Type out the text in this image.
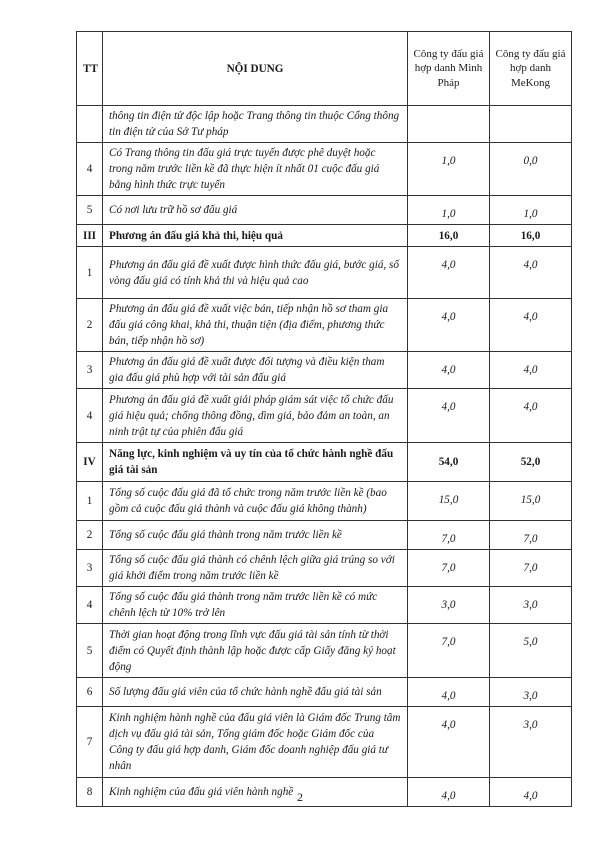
TT	NỘI DUNG	Công ty đấu giá hợp danh Minh Pháp	Công ty đấu giá hợp danh MeKong
	thông tin điện tử độc lập hoặc Trang thông tin thuộc Cổng thông tin điện tử của Sở Tư pháp		
4	Có Trang thông tin đấu giá trực tuyến được phê duyệt hoặc trong năm trước liền kề đã thực hiện ít nhất 01 cuộc đấu giá bằng hình thức trực tuyến	1,0	0,0
5	Có nơi lưu trữ hồ sơ đấu giá	1,0	1,0
III	Phương án đấu giá khả thi, hiệu quả	16,0	16,0
1	Phương án đấu giá đề xuất được hình thức đấu giá, bước giá, số vòng đấu giá có tính khả thi và hiệu quả cao	4,0	4,0
2	Phương án đấu giá đề xuất việc bán, tiếp nhận hồ sơ tham gia đấu giá công khai, khả thi, thuận tiện (địa điểm, phương thức bán, tiếp nhận hồ sơ)	4,0	4,0
3	Phương án đấu giá đề xuất được đối tượng và điều kiện tham gia đấu giá phù hợp với tài sản đấu giá	4,0	4,0
4	Phương án đấu giá đề xuất giải pháp giám sát việc tổ chức đấu giá hiệu quả; chống thông đồng, dìm giá, bảo đảm an toàn, an ninh trật tự của phiên đấu giá	4,0	4,0
IV	Năng lực, kinh nghiệm và uy tín của tổ chức hành nghề đấu giá tài sản	54,0	52,0
1	Tổng số cuộc đấu giá đã tổ chức trong năm trước liền kề (bao gồm cả cuộc đấu giá thành và cuộc đấu giá không thành)	15,0	15,0
2	Tổng số cuộc đấu giá thành trong năm trước liền kề	7,0	7,0
3	Tổng số cuộc đấu giá thành có chênh lệch giữa giá trúng so với giá khởi điểm trong năm trước liền kề	7,0	7,0
4	Tổng số cuộc đấu giá thành trong năm trước liền kề có mức chênh lệch từ 10% trở lên	3,0	3,0
5	Thời gian hoạt động trong lĩnh vực đấu giá tài sản tính từ thời điểm có Quyết định thành lập hoặc được cấp Giấy đăng ký hoạt động	7,0	5,0
6	Số lượng đấu giá viên của tổ chức hành nghề đấu giá tài sản	4,0	3,0
7	Kinh nghiệm hành nghề của đấu giá viên là Giám đốc Trung tâm dịch vụ đấu giá tài sản, Tổng giám đốc hoặc Giám đốc của Công ty đấu giá hợp danh, Giám đốc doanh nghiệp đấu giá tư nhân	4,0	3,0
8	Kinh nghiệm của đấu giá viên hành nghề	4,0	4,0
2
